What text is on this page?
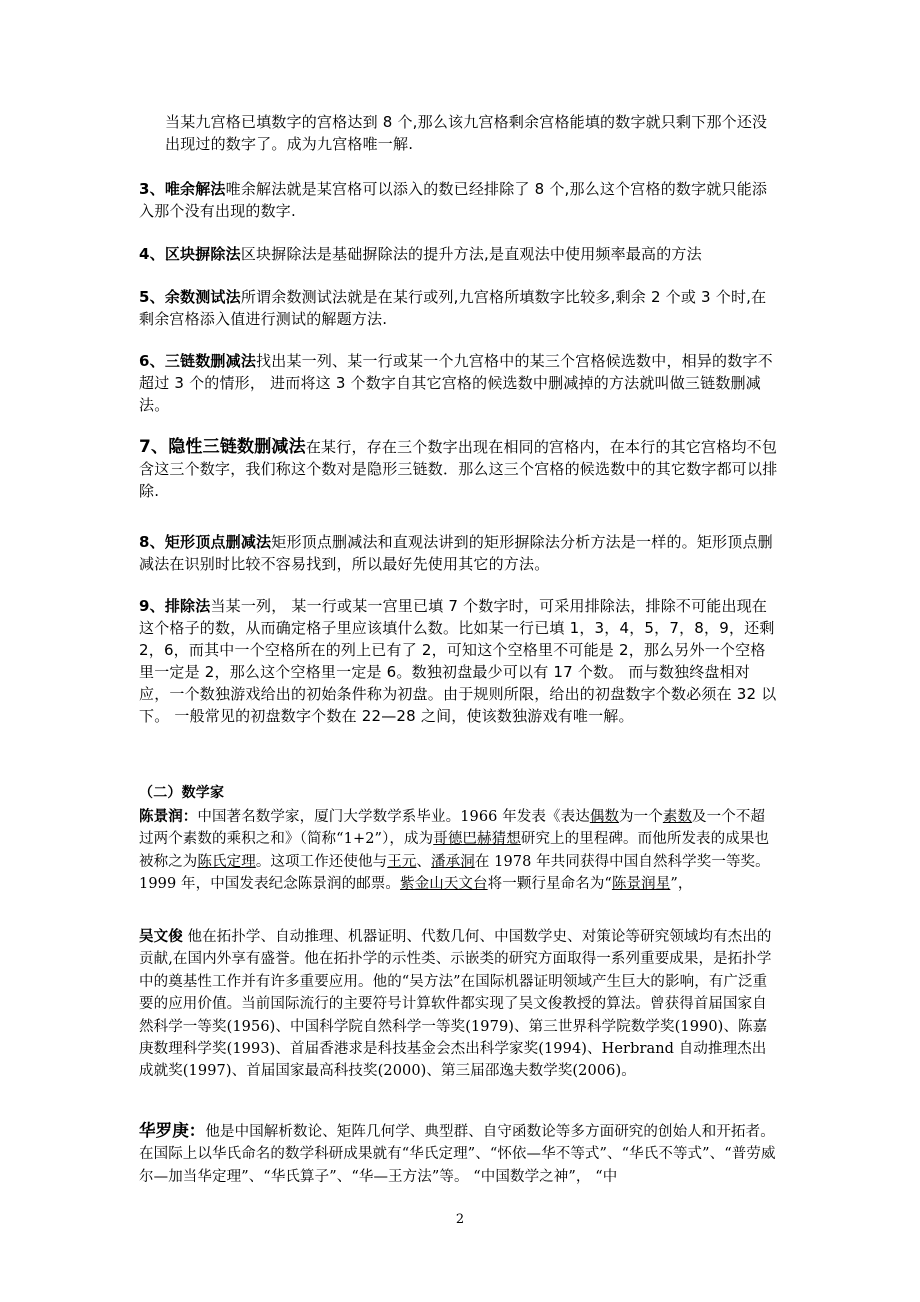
当某九宫格已填数字的宫格达到 8 个,那么该九宫格剩余宫格能填的数字就只剩下那个还没出现过的数字了。成为九宫格唯一解.
3、唯余解法唯余解法就是某宫格可以添入的数已经排除了 8 个,那么这个宫格的数字就只能添入那个没有出现的数字.
4、区块摒除法区块摒除法是基础摒除法的提升方法,是直观法中使用频率最高的方法
5、余数测试法所谓余数测试法就是在某行或列,九宫格所填数字比较多,剩余 2 个或 3 个时,在剩余宫格添入值进行测试的解题方法.
6、三链数删减法找出某一列、某一行或某一个九宫格中的某三个宫格候选数中，相异的数字不超过 3 个的情形， 进而将这 3 个数字自其它宫格的候选数中删减掉的方法就叫做三链数删减法。
7、隐性三链数删减法在某行，存在三个数字出现在相同的宫格内，在本行的其它宫格均不包含这三个数字，我们称这个数对是隐形三链数．那么这三个宫格的候选数中的其它数字都可以排除.
8、矩形顶点删减法矩形顶点删减法和直观法讲到的矩形摒除法分析方法是一样的。矩形顶点删减法在识别时比较不容易找到，所以最好先使用其它的方法。
9、排除法当某一列， 某一行或某一宫里已填 7 个数字时，可采用排除法，排除不可能出现在这个格子的数，从而确定格子里应该填什么数。比如某一行已填 1，3，4，5，7，8，9，还剩 2，6，而其中一个空格所在的列上已有了 2，可知这个空格里不可能是 2，那么另外一个空格里一定是 2，那么这个空格里一定是 6。数独初盘最少可以有 17 个数。 而与数独终盘相对应，一个数独游戏给出的初始条件称为初盘。由于规则所限，给出的初盘数字个数必须在 32 以下。 一般常见的初盘数字个数在 22—28 之间，使该数独游戏有唯一解。
（二）数学家
陈景润：中国著名数学家，厦门大学数学系毕业。1966 年发表《表达偶数为一个素数及一个不超过两个素数的乘积之和》（简称“1+2”），成为哥德巴赫猜想研究上的里程碑。而他所发表的成果也被称之为陈氏定理。这项工作还使他与王元、潘承洞在 1978 年共同获得中国自然科学奖一等奖。1999 年，中国发表纪念陈景润的邮票。紫金山天文台将一颗行星命名为“陈景润星”，
吴文俊 他在拓扑学、自动推理、机器证明、代数几何、中国数学史、对策论等研究领域均有杰出的贡献,在国内外享有盛誉。他在拓扑学的示性类、示嵌类的研究方面取得一系列重要成果，是拓扑学中的奠基性工作并有许多重要应用。他的“吴方法”在国际机器证明领域产生巨大的影响，有广泛重要的应用价值。当前国际流行的主要符号计算软件都实现了吴文俊教授的算法。曾获得首届国家自然科学一等奖(1956)、中国科学院自然科学一等奖(1979)、第三世界科学院数学奖(1990)、陈嘉庚数理科学奖(1993)、首届香港求是科技基金会杰出科学家奖(1994)、Herbrand 自动推理杰出成就奖(1997)、首届国家最高科技奖(2000)、第三届邵逸夫数学奖(2006)。
华罗庚：他是中国解析数论、矩阵几何学、典型群、自守函数论等多方面研究的创始人和开拓者。 在国际上以华氏命名的数学科研成果就有“华氏定理”、“怀依—华不等式”、“华氏不等式”、“普劳威尔—加当华定理”、“华氏算子”、“华—王方法”等。 “中国数学之神”， “中
2
